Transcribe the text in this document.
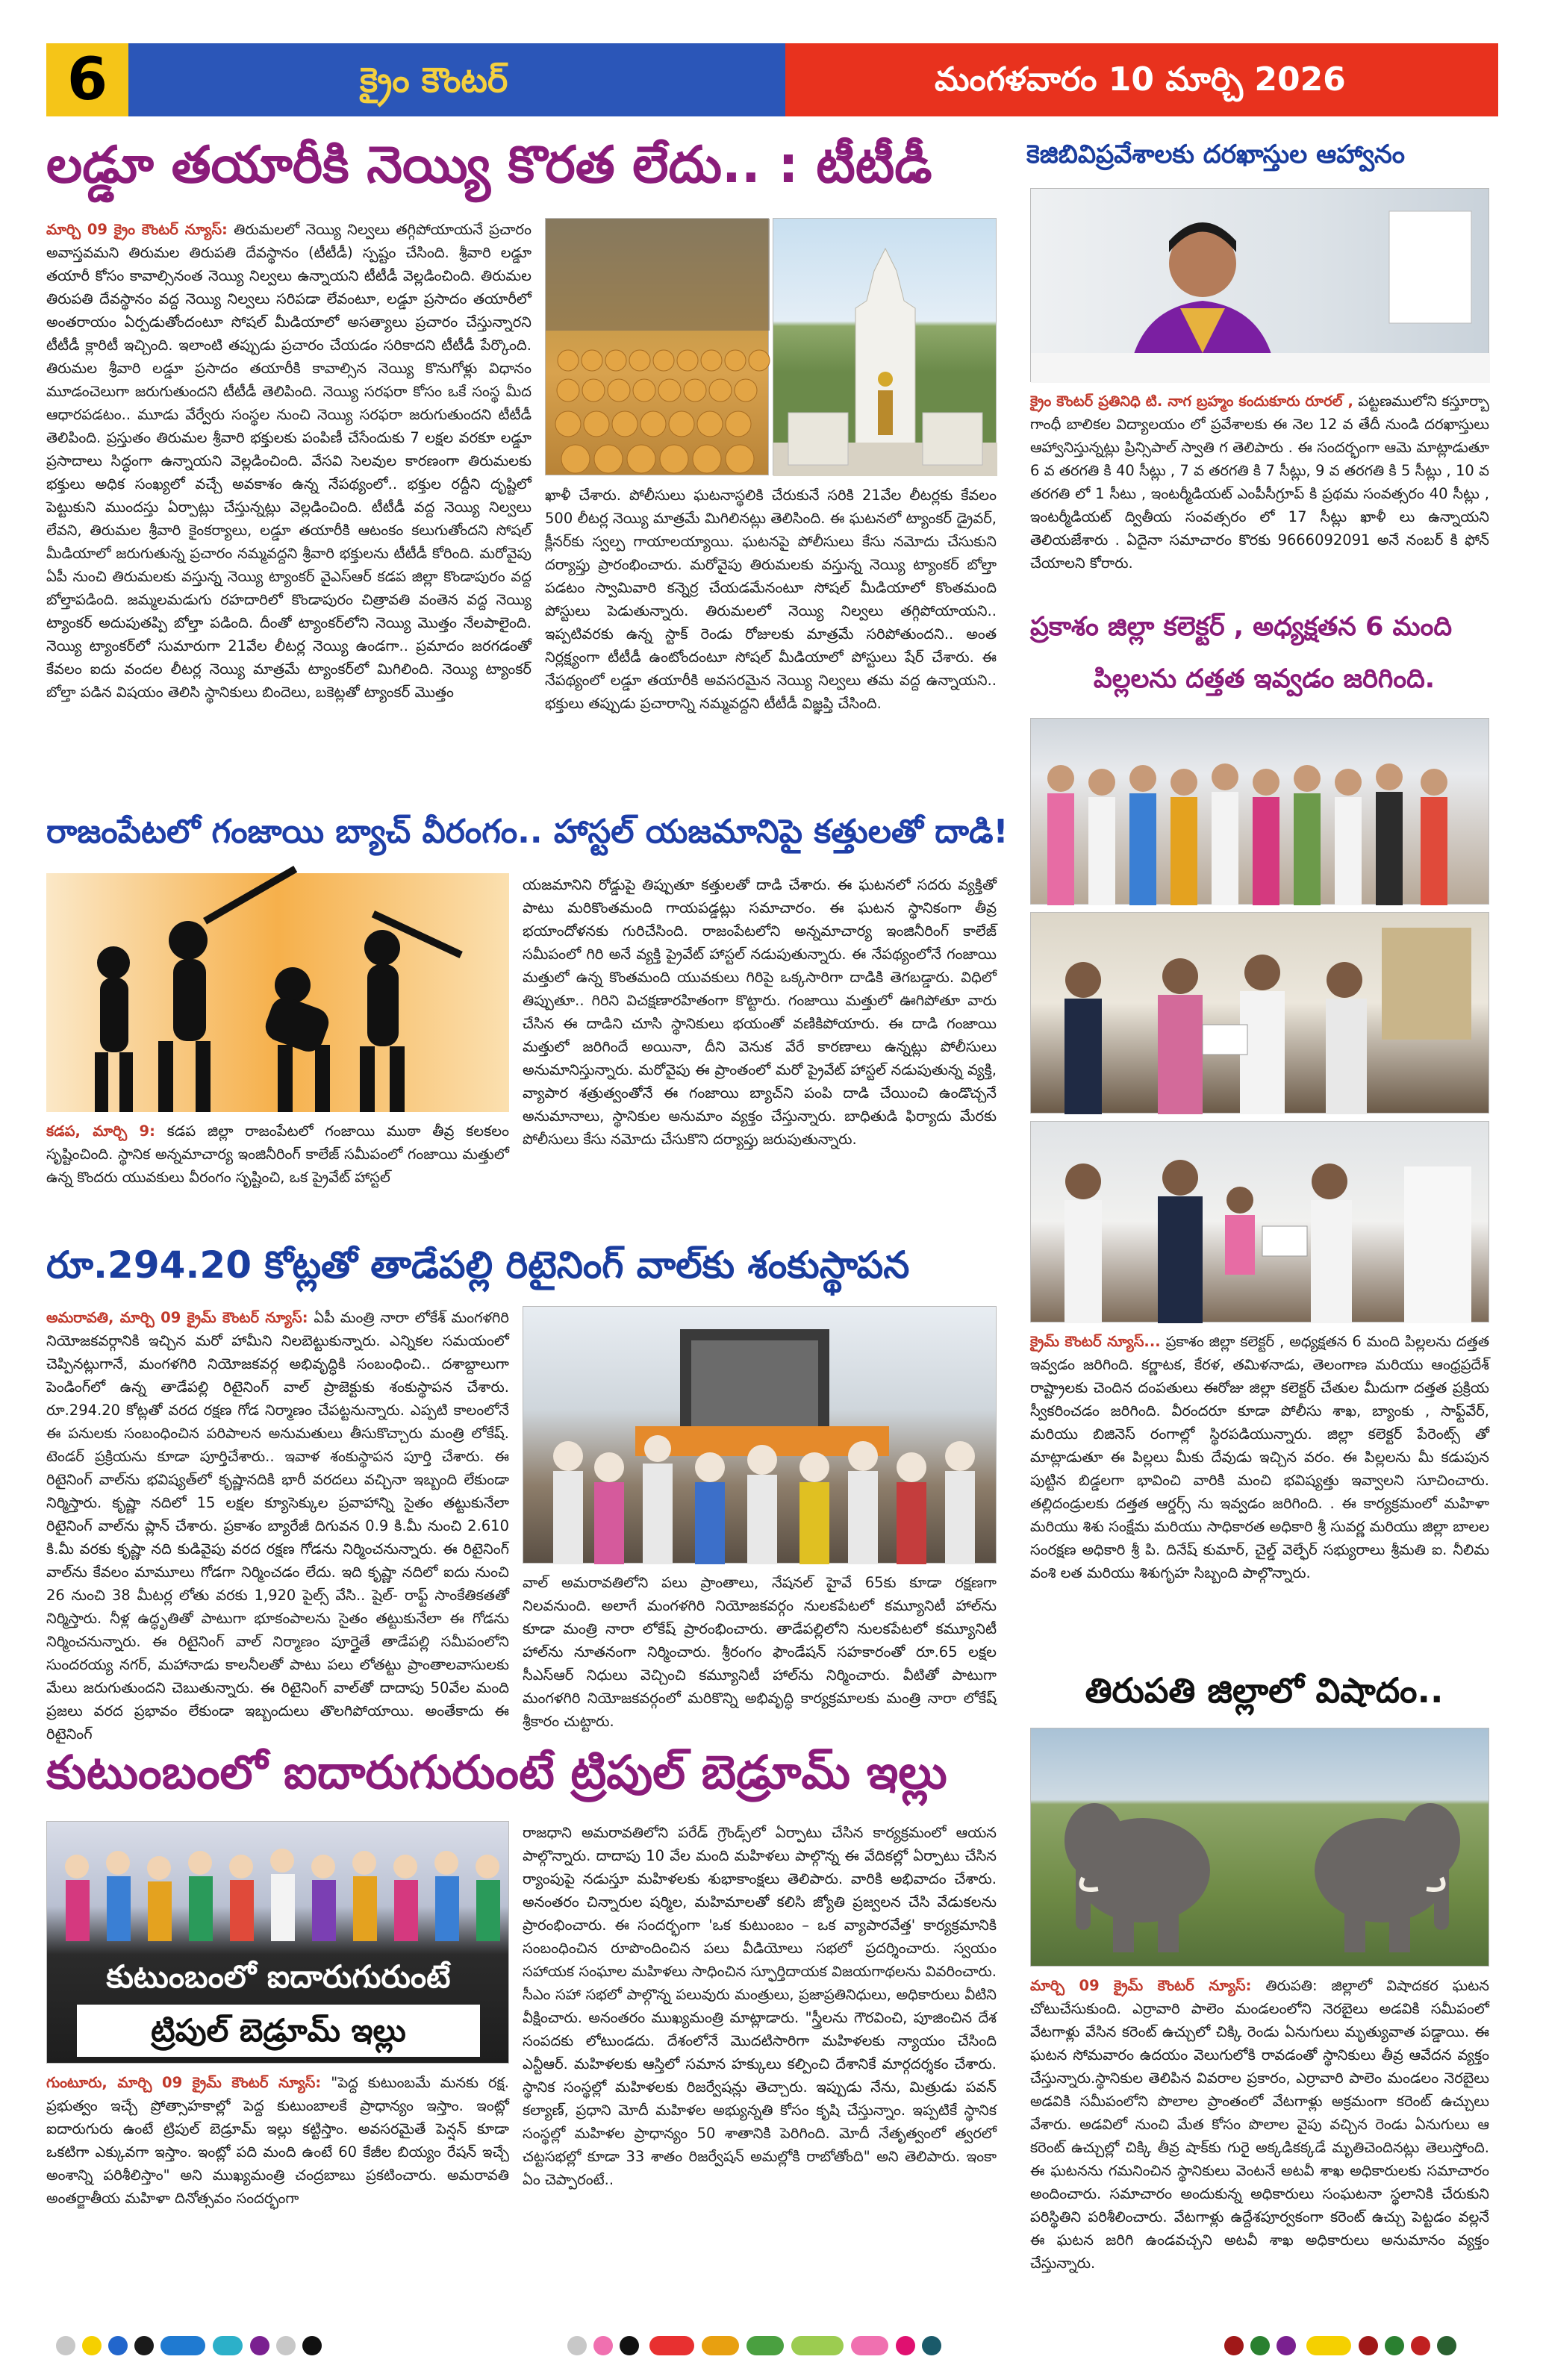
6	క్రైం కౌంటర్	మంగళవారం 10 మార్చి 2026
లడ్డూ తయారీకి నెయ్యి కొరత లేదు.. : టీటీడీ
మార్చి 09 క్రైం కౌంటర్ న్యూస్: తిరుమలలో నెయ్యి నిల్వలు తగ్గిపోయాయనే ప్రచారం అవాస్తవమని తిరుమల తిరుపతి దేవస్థానం (టీటీడీ) స్పష్టం చేసింది. శ్రీవారి లడ్డూ తయారీ కోసం కావాల్సినంత నెయ్యి నిల్వలు ఉన్నాయని టీటీడీ వెల్లడించింది. తిరుమల తిరుపతి దేవస్థానం వద్ద నెయ్యి నిల్వలు సరిపడా లేవంటూ, లడ్డూ ప్రసాదం తయారీలో అంతరాయం ఏర్పడుతోందంటూ సోషల్ మీడియాలో అసత్యాలు ప్రచారం చేస్తున్నారని టీటీడీ క్లారిటీ ఇచ్చింది. ఇలాంటి తప్పుడు ప్రచారం చేయడం సరికాదని టీటీడీ పేర్కొంది. తిరుమల శ్రీవారి లడ్డూ ప్రసాదం తయారీకి కావాల్సిన నెయ్యి కొనుగోళ్లు విధానం మూడంచెలుగా జరుగుతుందని టీటీడీ తెలిపింది. నెయ్యి సరఫరా కోసం ఒకే సంస్థ మీద ఆధారపడటం.. మూడు వేర్వేరు సంస్థల నుంచి నెయ్యి సరఫరా జరుగుతుందని టీటీడీ తెలిపింది. ప్రస్తుతం తిరుమల శ్రీవారి భక్తులకు పంపిణీ చేసేందుకు 7 లక్షల వరకూ లడ్డూ ప్రసాదాలు సిద్ధంగా ఉన్నాయని వెల్లడించింది. వేసవి సెలవుల కారణంగా తిరుమలకు భక్తులు అధిక సంఖ్యలో వచ్చే అవకాశం ఉన్న నేపథ్యంలో.. భక్తుల రద్దీని దృష్టిలో పెట్టుకుని ముందస్తు ఏర్పాట్లు చేస్తున్నట్లు వెల్లడించింది. టీటీడీ వద్ద నెయ్యి నిల్వలు లేవని, తిరుమల శ్రీవారి కైంకర్యాలు, లడ్డూ తయారీకి ఆటంకం కలుగుతోందని సోషల్ మీడియాలో జరుగుతున్న ప్రచారం నమ్మవద్దని శ్రీవారి భక్తులను టీటీడీ కోరింది. మరోవైపు ఏపీ నుంచి తిరుమలకు వస్తున్న నెయ్యి ట్యాంకర్ వైఎస్ఆర్ కడప జిల్లా కొండాపురం వద్ద బోల్తాపడింది. జమ్మలమడుగు రహదారిలో కొండాపురం చిత్రావతి వంతెన వద్ద నెయ్యి ట్యాంకర్ అదుపుతప్పి బోల్తా పడింది. దీంతో ట్యాంకర్‌లోని నెయ్యి మొత్తం నేలపాలైంది. నెయ్యి ట్యాంకర్‌లో సుమారుగా 21వేల లీటర్ల నెయ్యి ఉండగా.. ప్రమాదం జరగడంతో కేవలం ఐదు వందల లీటర్ల నెయ్యి మాత్రమే ట్యాంకర్‌లో మిగిలింది. నెయ్యి ట్యాంకర్ బోల్తా పడిన విషయం తెలిసి స్థానికులు బిందెలు, బకెట్లతో ట్యాంకర్ మొత్తం
ఖాళీ చేశారు. పోలీసులు ఘటనాస్థలికి చేరుకునే సరికి 21వేల లీటర్లకు కేవలం 500 లీటర్ల నెయ్యి మాత్రమే మిగిలినట్లు తెలిసింది. ఈ ఘటనలో ట్యాంకర్ డ్రైవర్, క్లీనర్‌కు స్వల్ప గాయాలయ్యాయి. ఘటనపై పోలీసులు కేసు నమోదు చేసుకుని దర్యాప్తు ప్రారంభించారు. మరోవైపు తిరుమలకు వస్తున్న నెయ్యి ట్యాంకర్ బోల్తా పడటం స్వామివారి కన్నెర్ర చేయడమేనంటూ సోషల్ మీడియాలో కొంతమంది పోస్టులు పెడుతున్నారు. తిరుమలలో నెయ్యి నిల్వలు తగ్గిపోయాయని.. ఇప్పటివరకు ఉన్న స్టాక్ రెండు రోజులకు మాత్రమే సరిపోతుందని.. అంత నిర్లక్ష్యంగా టీటీడీ ఉంటోందంటూ సోషల్ మీడియాలో పోస్టులు షేర్ చేశారు. ఈ నేపథ్యంలో లడ్డూ తయారీకి అవసరమైన నెయ్యి నిల్వలు తమ వద్ద ఉన్నాయని.. భక్తులు తప్పుడు ప్రచారాన్ని నమ్మవద్దని టీటీడీ విజ్ఞప్తి చేసింది.
రాజంపేటలో గంజాయి బ్యాచ్ వీరంగం.. హాస్టల్ యజమానిపై కత్తులతో దాడి!
కడప, మార్చి 9: కడప జిల్లా రాజంపేటలో గంజాయి ముఠా తీవ్ర కలకలం సృష్టించింది. స్థానిక అన్నమాచార్య ఇంజినీరింగ్ కాలేజ్ సమీపంలో గంజాయి మత్తులో ఉన్న కొందరు యువకులు వీరంగం సృష్టించి, ఒక ప్రైవేట్ హాస్టల్
యజమానిని రోడ్డుపై తిప్పుతూ కత్తులతో దాడి చేశారు. ఈ ఘటనలో సదరు వ్యక్తితో పాటు మరికొంతమంది గాయపడ్డట్లు సమాచారం. ఈ ఘటన స్థానికంగా తీవ్ర భయాందోళనకు గురిచేసింది. రాజంపేటలోని అన్నమాచార్య ఇంజినీరింగ్ కాలేజ్ సమీపంలో గిరి అనే వ్యక్తి ప్రైవేట్ హాస్టల్ నడుపుతున్నారు. ఈ నేపథ్యంలోనే గంజాయి మత్తులో ఉన్న కొంతమంది యువకులు గిరిపై ఒక్కసారిగా దాడికి తెగబడ్డారు. విధిలో తిప్పుతూ.. గిరిని విచక్షణారహితంగా కొట్టారు. గంజాయి మత్తులో ఊగిపోతూ వారు చేసిన ఈ దాడిని చూసి స్థానికులు భయంతో వణికిపోయారు. ఈ దాడి గంజాయి మత్తులో జరిగిందే అయినా, దీని వెనుక వేరే కారణాలు ఉన్నట్లు పోలీసులు అనుమానిస్తున్నారు. మరోవైపు ఈ ప్రాంతంలో మరో ప్రైవేట్ హాస్టల్ నడుపుతున్న వ్యక్తి, వ్యాపార శత్రుత్వంతోనే ఈ గంజాయి బ్యాచ్‌ని పంపి దాడి చేయించి ఉండొచ్చనే అనుమానాలు, స్థానికుల అనుమాం వ్యక్తం చేస్తున్నారు. బాధితుడి ఫిర్యాదు మేరకు పోలీసులు కేసు నమోదు చేసుకొని దర్యాప్తు జరుపుతున్నారు.
రూ.294.20 కోట్లతో తాడేపల్లి రిటైనింగ్ వాల్‌కు శంకుస్థాపన
అమరావతి, మార్చి 09 క్రైమ్ కౌంటర్ న్యూస్: ఏపీ మంత్రి నారా లోకేశ్ మంగళగిరి నియోజకవర్గానికి ఇచ్చిన మరో హామీని నిలబెట్టుకున్నారు. ఎన్నికల సమయంలో చెప్పినట్లుగానే, మంగళగిరి నియోజకవర్గ అభివృద్ధికి సంబంధించి.. దశాబ్దాలుగా పెండింగ్‌లో ఉన్న తాడేపల్లి రిటైనింగ్ వాల్ ప్రాజెక్టుకు శంకుస్థాపన చేశారు. రూ.294.20 కోట్లతో వరద రక్షణ గోడ నిర్మాణం చేపట్టనున్నారు. ఎప్పటి కాలంలోనే ఈ పనులకు సంబంధించిన పరిపాలన అనుమతులు తీసుకొచ్చారు మంత్రి లోకేష్. టెండర్ ప్రక్రియను కూడా పూర్తిచేశారు.. ఇవాళ శంకుస్థాపన పూర్తి చేశారు. ఈ రిటైనింగ్ వాల్‌ను భవిష్యత్‌లో కృష్ణానదికి భారీ వరదలు వచ్చినా ఇబ్బంది లేకుండా నిర్మిస్తారు. కృష్ణా నదిలో 15 లక్షల క్యూసెక్కుల ప్రవాహాన్ని సైతం తట్టుకునేలా రిటైనింగ్ వాల్‌ను ప్లాన్ చేశారు. ప్రకాశం బ్యారేజీ దిగువన 0.9 కి.మీ నుంచి 2.610 కి.మీ వరకు కృష్ణా నది కుడివైపు వరద రక్షణ గోడను నిర్మించనున్నారు. ఈ రిటైనింగ్ వాల్‌ను కేవలం మామూలు గోడగా నిర్మించడం లేదు. ఇది కృష్ణా నదిలో ఐదు నుంచి 26 నుంచి 38 మీటర్ల లోతు వరకు 1,920 పైల్స్ వేసి.. షైల్- రాఫ్ట్ సాంకేతికతతో నిర్మిస్తారు. నీళ్ల ఉద్ధృతితో పాటుగా భూకంపాలను సైతం తట్టుకునేలా ఈ గోడను నిర్మించనున్నారు. ఈ రిటైనింగ్ వాల్ నిర్మాణం పూర్తైతే తాడేపల్లి సమీపంలోని సుందరయ్య నగర్, మహానాడు కాలనీలతో పాటు పలు లోతట్టు ప్రాంతాలవాసులకు మేలు జరుగుతుందని చెబుతున్నారు. ఈ రిటైనింగ్ వాల్‌తో దాదాపు 50వేల మంది ప్రజలు వరద ప్రభావం లేకుండా ఇబ్బందులు తొలగిపోయాయి. అంతేకాదు ఈ రిటైనింగ్
వాల్ అమరావతిలోని పలు ప్రాంతాలు, నేషనల్ హైవే 65కు కూడా రక్షణగా నిలవనుంది. అలాగే మంగళగిరి నియోజకవర్గం నులకపేటలో కమ్యూనిటీ హాల్‌ను కూడా మంత్రి నారా లోకేష్ ప్రారంభించారు. తాడేపల్లిలోని నులకపేటలో కమ్యూనిటీ హాల్‌ను నూతనంగా నిర్మించారు. శ్రీరంగం ఫౌండేషన్ సహకారంతో రూ.65 లక్షల సీఎస్ఆర్ నిధులు వెచ్చించి కమ్యూనిటీ హాల్‌ను నిర్మించారు. వీటితో పాటుగా మంగళగిరి నియోజకవర్గంలో మరికొన్ని అభివృద్ధి కార్యక్రమాలకు మంత్రి నారా లోకేష్ శ్రీకారం చుట్టారు.
కుటుంబంలో ఐదారుగురుంటే ట్రిపుల్ బెడ్రూమ్ ఇల్లు
కుటుంబంలో ఐదారుగురుంటే
ట్రిపుల్ బెడ్రూమ్ ఇల్లు
గుంటూరు, మార్చి 09 క్రైమ్ కౌంటర్ న్యూస్: "పెద్ద కుటుంబమే మనకు రక్ష. ప్రభుత్వం ఇచ్చే ప్రోత్సాహకాల్లో పెద్ద కుటుంబాలకే ప్రాధాన్యం ఇస్తాం. ఇంట్లో ఐదారుగురు ఉంటే ట్రిపుల్ బెడ్రూమ్ ఇల్లు కట్టిస్తాం. అవసరమైతే పెన్షన్ కూడా ఒకటిగా ఎక్కువగా ఇస్తాం. ఇంట్లో పది మంది ఉంటే 60 కేజీల బియ్యం రేషన్ ఇచ్చే అంశాన్ని పరిశీలిస్తాం" అని ముఖ్యమంత్రి చంద్రబాబు ప్రకటించారు. అమరావతి అంతర్జాతీయ మహిళా దినోత్సవం సందర్భంగా
రాజధాని అమరావతిలోని పరేడ్ గ్రౌండ్స్‌లో ఏర్పాటు చేసిన కార్యక్రమంలో ఆయన పాల్గొన్నారు. దాదాపు 10 వేల మంది మహిళలు పాల్గొన్న ఈ వేదికల్లో ఏర్పాటు చేసిన ర్యాంపుపై నడుస్తూ మహిళలకు శుభాకాంక్షలు తెలిపారు. వారికి అభివాదం చేశారు. అనంతరం చిన్నారుల షర్మిల, మహిమాలతో కలిసి జ్యోతి ప్రజ్వలన చేసి వేడుకలను ప్రారంభించారు. ఈ సందర్భంగా 'ఒక కుటుంబం – ఒక వ్యాపారవేత్త' కార్యక్రమానికి సంబంధించిన రూపొందించిన పలు వీడియోలు సభలో ప్రదర్శించారు. స్వయం సహాయక సంఘాల మహిళలు సాధించిన స్ఫూర్తిదాయక విజయగాథలను వివరించారు. సీఎం సహా సభలో పాల్గొన్న పలువురు మంత్రులు, ప్రజాప్రతినిధులు, అధికారులు వీటిని వీక్షించారు. అనంతరం ముఖ్యమంత్రి మాట్లాడారు. "స్త్రీలను గౌరవించి, పూజించిన దేశ సంపదకు లోటుండదు. దేశంలోనే మొదటిసారిగా మహిళలకు న్యాయం చేసింది ఎన్టీఆర్. మహిళలకు ఆస్తిలో సమాన హక్కులు కల్పించి దేశానికే మార్గదర్శకం చేశారు. స్థానిక సంస్థల్లో మహిళలకు రిజర్వేషన్లు తెచ్చారు. ఇప్పుడు నేను, మిత్రుడు పవన్ కల్యాణ్, ప్రధాని మోదీ మహిళల అభ్యున్నతి కోసం కృషి చేస్తున్నాం. ఇప్పటికే స్థానిక సంస్థల్లో మహిళల ప్రాధాన్యం 50 శాతానికి పెరిగింది. మోదీ నేతృత్వంలో త్వరలో చట్టసభల్లో కూడా 33 శాతం రిజర్వేషన్ అమల్లోకి రాబోతోంది" అని తెలిపారు. ఇంకా ఏం చెప్పారంటే..
కెజిబివిప్రవేశాలకు దరఖాస్తుల ఆహ్వానం
క్రైం కౌంటర్ ప్రతినిధి టి. నాగ బ్రహ్మం కందుకూరు రూరల్ , పట్టణములోని కస్తూర్బా గాంధీ బాలికల విద్యాలయం లో ప్రవేశాలకు ఈ నెల 12 వ తేదీ నుండి దరఖాస్తులు ఆహ్వానిస్తున్నట్లు ప్రిన్సిపాల్ స్వాతి గ తెలిపారు . ఈ సందర్భంగా ఆమె మాట్లాడుతూ 6 వ తరగతి కి 40 సీట్లు , 7 వ తరగతి కి 7 సీట్లు, 9 వ తరగతి కి 5 సీట్లు , 10 వ తరగతి లో 1 సీటు , ఇంటర్మీడియట్ ఎంపీసీగ్రూప్ కి ప్రథమ సంవత్సరం 40 సీట్లు , ఇంటర్మీడియట్ ద్వితీయ సంవత్సరం లో 17 సీట్లు ఖాళీ లు ఉన్నాయని తెలియజేశారు . ఏదైనా సమాచారం కొరకు 9666092091 అనే నంబర్ కి ఫోన్ చేయాలని కోరారు.
ప్రకాశం జిల్లా కలెక్టర్ , అధ్యక్షతన 6 మంది
పిల్లలను దత్తత ఇవ్వడం జరిగింది.
క్రైమ్ కౌంటర్ న్యూస్... ప్రకాశం జిల్లా కలెక్టర్ , అధ్యక్షతన 6 మంది పిల్లలను దత్తత ఇవ్వడం జరిగింది. కర్ణాటక, కేరళ, తమిళనాడు, తెలంగాణ మరియు ఆంధ్రప్రదేశ్ రాష్ట్రాలకు చెందిన దంపతులు ఈరోజు జిల్లా కలెక్టర్ చేతుల మీదుగా దత్తత ప్రక్రియ స్వీకరించడం జరిగింది. వీరందరూ కూడా పోలీసు శాఖ, బ్యాంకు , సాఫ్ట్‌వేర్, మరియు బిజినెస్ రంగాల్లో స్థిరపడియున్నారు. జిల్లా కలెక్టర్ పేరెంట్స్ తో మాట్లాడుతూ ఈ పిల్లలు మీకు దేవుడు ఇచ్చిన వరం. ఈ పిల్లలను మీ కడుపున పుట్టిన బిడ్డలగా భావించి వారికి మంచి భవిష్యత్తు ఇవ్వాలని సూచించారు. తల్లిదండ్రులకు దత్తత ఆర్డర్స్ ను ఇవ్వడం జరిగింది. . ఈ కార్యక్రమంలో మహిళా మరియు శిశు సంక్షేమ మరియు సాధికారత అధికారి శ్రీ సువర్ణ మరియు జిల్లా బాలల సంరక్షణ అధికారి శ్రీ పి. దినేష్ కుమార్, చైల్డ్ వెల్ఫేర్ సభ్యురాలు శ్రీమతి ఐ. నీలిమ వంశి లత మరియు శిశుగృహ సిబ్బంది పాల్గొన్నారు.
తిరుపతి జిల్లాలో విషాదం..
మార్చి 09 క్రైమ్ కౌంటర్ న్యూస్: తిరుపతి: జిల్లాలో విషాదకర ఘటన చోటుచేసుకుంది. ఎర్రావారి పాలెం మండలంలోని నెరబైలు అడవికి సమీపంలో వేటగాళ్లు వేసిన కరెంట్ ఉచ్చులో చిక్కి రెండు ఏనుగులు మృత్యువాత పడ్డాయి. ఈ ఘటన సోమవారం ఉదయం వెలుగులోకి రావడంతో స్థానికులు తీవ్ర ఆవేదన వ్యక్తం చేస్తున్నారు.స్థానికుల తెలిపిన వివరాల ప్రకారం, ఎర్రావారి పాలెం మండలం నెరబైలు అడవికి సమీపంలోని పొలాల ప్రాంతంలో వేటగాళ్లు అక్రమంగా కరెంట్ ఉచ్చులు వేశారు. అడవిలో నుంచి మేత కోసం పొలాల వైపు వచ్చిన రెండు ఏనుగులు ఆ కరెంట్ ఉచ్చుల్లో చిక్కి తీవ్ర షాక్‌కు గురై అక్కడికక్కడే మృతిచెందినట్లు తెలుస్తోంది. ఈ ఘటనను గమనించిన స్థానికులు వెంటనే అటవీ శాఖ అధికారులకు సమాచారం అందించారు. సమాచారం అందుకున్న అధికారులు సంఘటనా స్థలానికి చేరుకుని పరిస్థితిని పరిశీలించారు. వేటగాళ్లు ఉద్దేశపూర్వకంగా కరెంట్ ఉచ్చు పెట్టడం వల్లనే ఈ ఘటన జరిగి ఉండవచ్చని అటవీ శాఖ అధికారులు అనుమానం వ్యక్తం చేస్తున్నారు.
